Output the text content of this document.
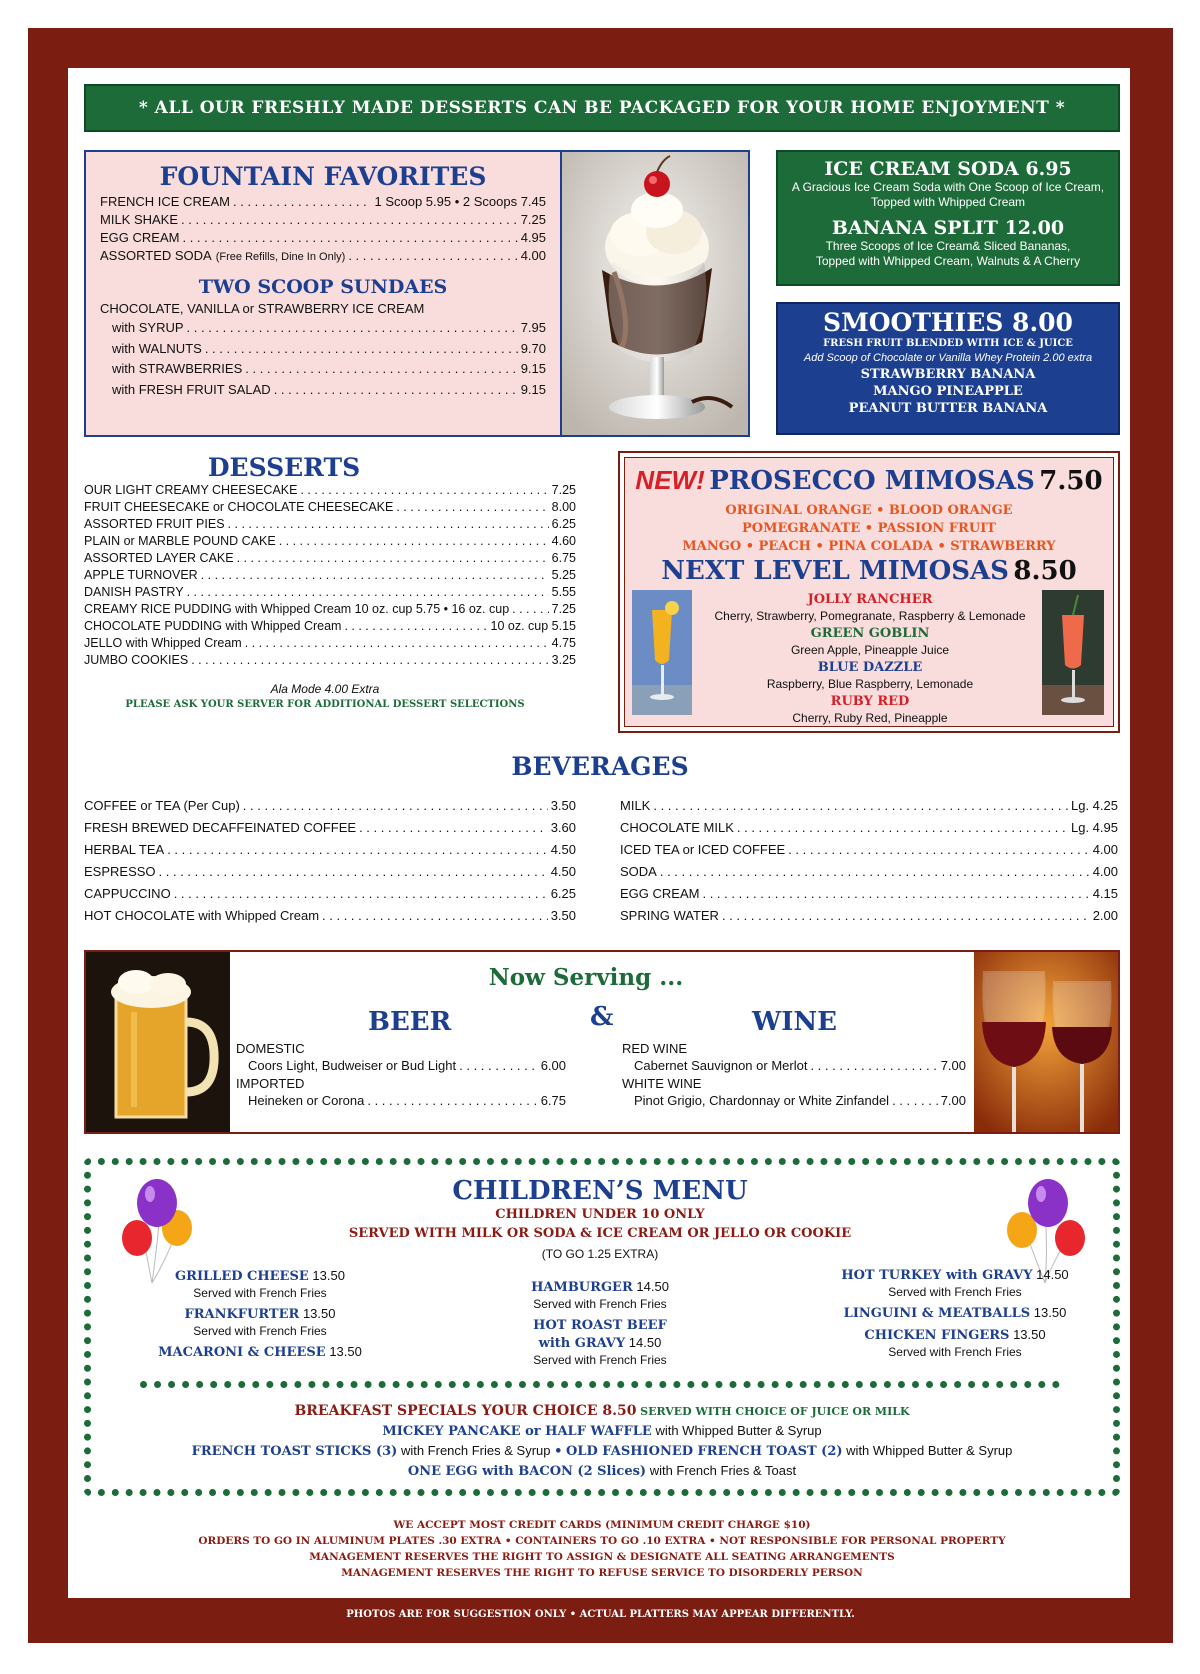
* ALL OUR FRESHLY MADE DESSERTS CAN BE PACKAGED FOR YOUR HOME ENJOYMENT *
FOUNTAIN FAVORITES
FRENCH ICE CREAM . . .	1 Scoop 5.95 • 2 Scoops 7.45
MILK SHAKE . . .	7.25
EGG CREAM . . .	4.95
ASSORTED SODA (Free Refills, Dine In Only) . . .	4.00
TWO SCOOP SUNDAES
CHOCOLATE, VANILLA or STRAWBERRY ICE CREAM
with SYRUP . . .	7.95
with WALNUTS . . .	9.70
with STRAWBERRIES . . .	9.15
with FRESH FRUIT SALAD . . .	9.15
ICE CREAM SODA 6.95
A Gracious Ice Cream Soda with One Scoop of Ice Cream,
Topped with Whipped Cream
BANANA SPLIT 12.00
Three Scoops of Ice Cream& Sliced Bananas,
Topped with Whipped Cream, Walnuts & A Cherry
SMOOTHIES 8.00
FRESH FRUIT BLENDED WITH ICE & JUICE
Add Scoop of Chocolate or Vanilla Whey Protein 2.00 extra
STRAWBERRY BANANA
MANGO PINEAPPLE
PEANUT BUTTER BANANA
DESSERTS
OUR LIGHT CREAMY CHEESECAKE . . .	7.25
FRUIT CHEESECAKE or CHOCOLATE CHEESECAKE . . .	8.00
ASSORTED FRUIT PIES . . .	6.25
PLAIN or MARBLE POUND CAKE . . .	4.60
ASSORTED LAYER CAKE . . .	6.75
APPLE TURNOVER . . .	5.25
DANISH PASTRY . . .	5.55
CREAMY RICE PUDDING with Whipped Cream 10 oz. cup 5.75 • 16 oz. cup . . .	7.25
CHOCOLATE PUDDING with Whipped Cream . . .	10 oz. cup 5.15
JELLO with Whipped Cream . . .	4.75
JUMBO COOKIES . . .	3.25
Ala Mode 4.00 Extra
PLEASE ASK YOUR SERVER FOR ADDITIONAL DESSERT SELECTIONS
NEW! PROSECCO MIMOSAS 7.50
ORIGINAL ORANGE • BLOOD ORANGE
POMEGRANATE • PASSION FRUIT
MANGO • PEACH • PINA COLADA • STRAWBERRY
NEXT LEVEL MIMOSAS 8.50
JOLLY RANCHER
Cherry, Strawberry, Pomegranate, Raspberry & Lemonade
GREEN GOBLIN
Green Apple, Pineapple Juice
BLUE DAZZLE
Raspberry, Blue Raspberry, Lemonade
RUBY RED
Cherry, Ruby Red, Pineapple
BEVERAGES
COFFEE or TEA (Per Cup) . . .	3.50
FRESH BREWED DECAFFEINATED COFFEE . . .	3.60
HERBAL TEA . . .	4.50
ESPRESSO . . .	4.50
CAPPUCCINO . . .	6.25
HOT CHOCOLATE with Whipped Cream . . .	3.50
MILK . . .	Lg. 4.25
CHOCOLATE MILK . . .	Lg. 4.95
ICED TEA or ICED COFFEE . . .	4.00
SODA . . .	4.00
EGG CREAM . . .	4.15
SPRING WATER . . .	2.00
Now Serving ...
BEER	&	WINE
DOMESTIC
Coors Light, Budweiser or Bud Light . . .	6.00
IMPORTED
Heineken or Corona . . .	6.75
RED WINE
Cabernet Sauvignon or Merlot . . .	7.00
WHITE WINE
Pinot Grigio, Chardonnay or White Zinfandel . . .	7.00
CHILDREN’S MENU
CHILDREN UNDER 10 ONLY
SERVED WITH MILK OR SODA & ICE CREAM OR JELLO OR COOKIE
(TO GO 1.25 EXTRA)
GRILLED CHEESE 13.50
Served with French Fries
FRANKFURTER 13.50
Served with French Fries
MACARONI & CHEESE 13.50
HAMBURGER 14.50
Served with French Fries
HOT ROAST BEEF
with GRAVY 14.50
Served with French Fries
HOT TURKEY with GRAVY 14.50
Served with French Fries
LINGUINI & MEATBALLS 13.50
CHICKEN FINGERS 13.50
Served with French Fries
BREAKFAST SPECIALS YOUR CHOICE 8.50 SERVED WITH CHOICE OF JUICE OR MILK
MICKEY PANCAKE or HALF WAFFLE with Whipped Butter & Syrup
FRENCH TOAST STICKS (3) with French Fries & Syrup • OLD FASHIONED FRENCH TOAST (2) with Whipped Butter & Syrup
ONE EGG with BACON (2 Slices) with French Fries & Toast
WE ACCEPT MOST CREDIT CARDS (MINIMUM CREDIT CHARGE $10)
ORDERS TO GO IN ALUMINUM PLATES .30 EXTRA • CONTAINERS TO GO .10 EXTRA • NOT RESPONSIBLE FOR PERSONAL PROPERTY
MANAGEMENT RESERVES THE RIGHT TO ASSIGN & DESIGNATE ALL SEATING ARRANGEMENTS
MANAGEMENT RESERVES THE RIGHT TO REFUSE SERVICE TO DISORDERLY PERSON
PHOTOS ARE FOR SUGGESTION ONLY • ACTUAL PLATTERS MAY APPEAR DIFFERENTLY.
